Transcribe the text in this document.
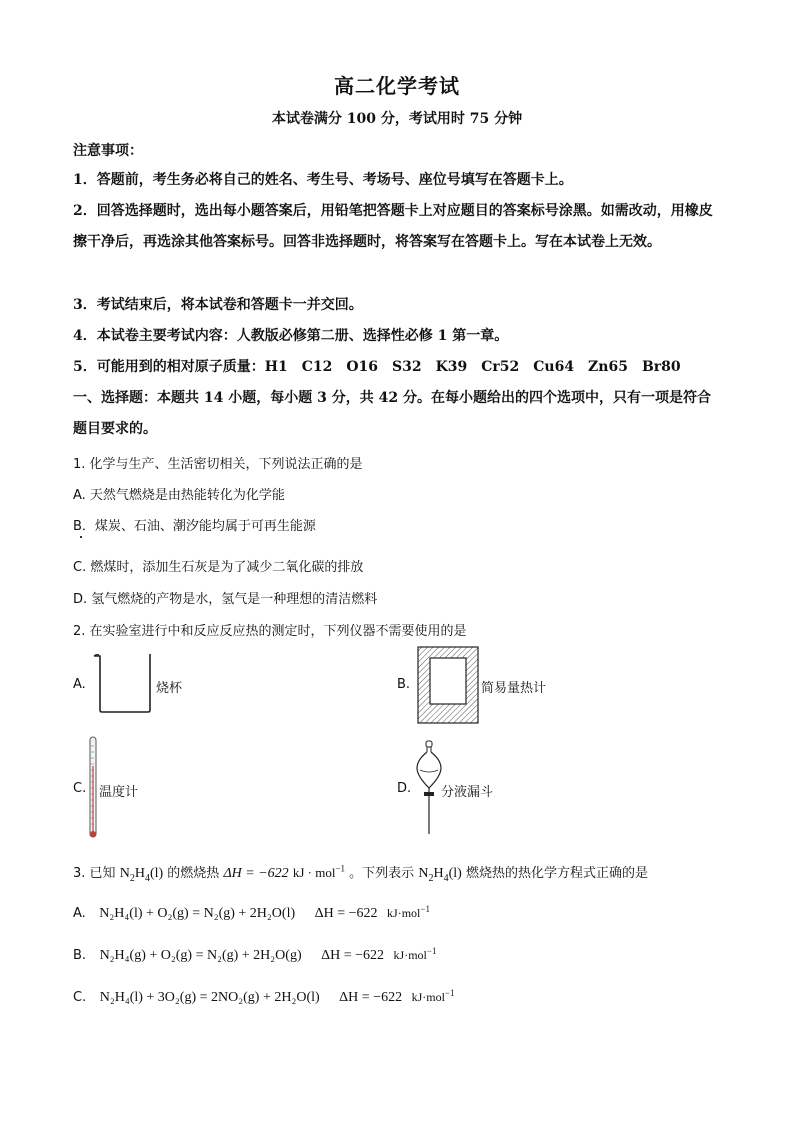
高二化学考试
本试卷满分 100 分，考试用时 75 分钟
注意事项：
1．答题前，考生务必将自己的姓名、考生号、考场号、座位号填写在答题卡上。
2．回答选择题时，选出每小题答案后，用铅笔把答题卡上对应题目的答案标号涂黑。如需改动，用橡皮擦干净后，再选涂其他答案标号。回答非选择题时，将答案写在答题卡上。写在本试卷上无效。
3．考试结束后，将本试卷和答题卡一并交回。
4．本试卷主要考试内容：人教版必修第二册、选择性必修 1 第一章。
5．可能用到的相对原子质量：H1　C12　O16　S32　K39　Cr52　Cu64　Zn65　Br80
一、选择题：本题共 14 小题，每小题 3 分，共 42 分。在每小题给出的四个选项中，只有一项是符合题目要求的。
1. 化学与生产、生活密切相关，下列说法正确的是
A. 天然气燃烧是由热能转化为化学能
B．煤炭、石油、潮汐能均属于可再生能源
C. 燃煤时，添加生石灰是为了减少二氧化碳的排放
D. 氢气燃烧的产物是水，氢气是一种理想的清洁燃料
2. 在实验室进行中和反应反应热的测定时，下列仪器不需要使用的是
A.	烧杯	B.	简易量热计
C. 温度计	D. 分液漏斗
3. 已知 $N_2H_4(l)$ 的燃烧热 ΔH = −622 kJ · mol$^{-1}$ 。下列表示 $N_2H_4(l)$ 燃烧热的热化学方程式正确的是
A. N₂H₄(l) + O₂(g) = N₂(g) + 2H₂O(l) ΔH = −622 kJ·mol$^{-1}$
B. N₂H₄(g) + O₂(g) = N₂(g) + 2H₂O(g) ΔH = −622 kJ·mol$^{-1}$
C. N₂H₄(l) + 3O₂(g) = 2NO₂(g) + 2H₂O(l) ΔH = −622 kJ·mol$^{-1}$
